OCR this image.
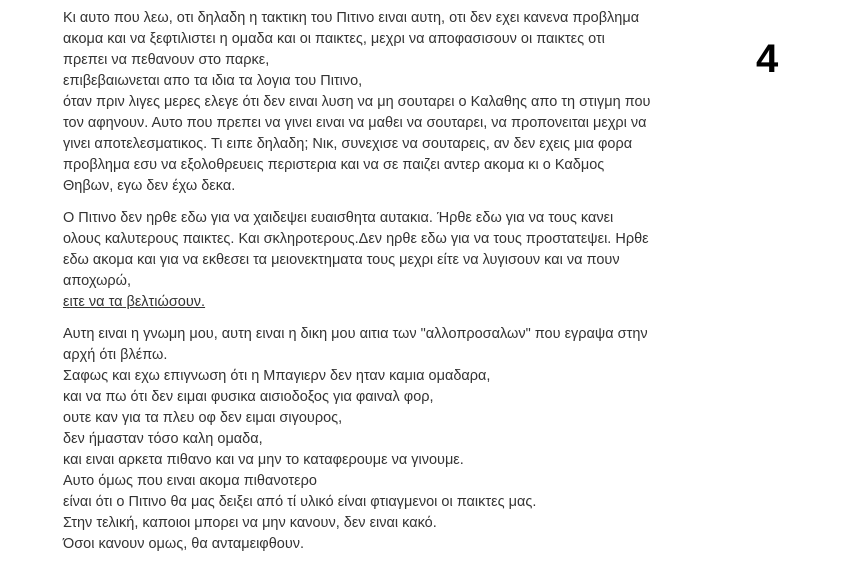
Κι αυτο που λεω, οτι δηλαδη η τακτικη του Πιτινο ειναι αυτη, οτι δεν εχει κανενα προβλημα
ακομα και να ξεφτιλιστει η ομαδα και οι παικτες, μεχρι να αποφασισουν οι παικτες οτι
πρεπει να πεθανουν στο παρκε,
επιβεβαιωνεται απο τα ιδια τα λογια του Πιτινο,
όταν πριν λιγες μερες ελεγε ότι δεν ειναι λυση να μη σουταρει ο Καλαθης απο τη στιγμη που
τον αφηνουν. Αυτο που πρεπει να γινει ειναι να μαθει να σουταρει, να προπονειται μεχρι να
γινει αποτελεσματικος. Τι ειπε δηλαδη; Νικ, συνεχισε να σουταρεις, αν δεν εχεις μια φορα
προβλημα εσυ να εξολοθρευεις περιστερια και να σε παιζει αντερ ακομα κι ο Καδμος
Θηβων, εγω δεν έχω δεκα.
Ο Πιτινο δεν ηρθε εδω για να χαιδεψει ευαισθητα αυτακια. Ήρθε εδω για να τους κανει
ολους καλυτερους παικτες. Και σκληροτερους.Δεν ηρθε εδω για να τους προστατεψει. Ηρθε
εδω ακομα και για να εκθεσει τα μειονεκτηματα τους μεχρι είτε να λυγισουν και να πουν
αποχωρώ,
ειτε να τα βελτιώσουν.
Αυτη ειναι η γνωμη μου, αυτη ειναι η δικη μου αιτια των "αλλοπροσαλων" που εγραψα στην
αρχή ότι βλέπω.
Σαφως και εχω επιγνωση ότι η Μπαγιερν δεν ηταν καμια ομαδαρα,
και να πω ότι δεν ειμαι φυσικα αισιοδοξος για φαιναλ φορ,
ουτε καν για τα πλευ οφ δεν ειμαι σιγουρος,
δεν ήμασταν τόσο καλη ομαδα,
και ειναι αρκετα πιθανο και να μην το καταφερουμε να γινουμε.
Αυτο όμως που ειναι ακομα πιθανοτερο
είναι ότι ο Πιτινο θα μας δειξει από τί υλικό είναι φτιαγμενοι οι παικτες μας.
Στην τελική, καποιοι μπορει να μην κανουν, δεν ειναι κακό.
Όσοι κανουν ομως, θα ανταμειφθουν.
4
